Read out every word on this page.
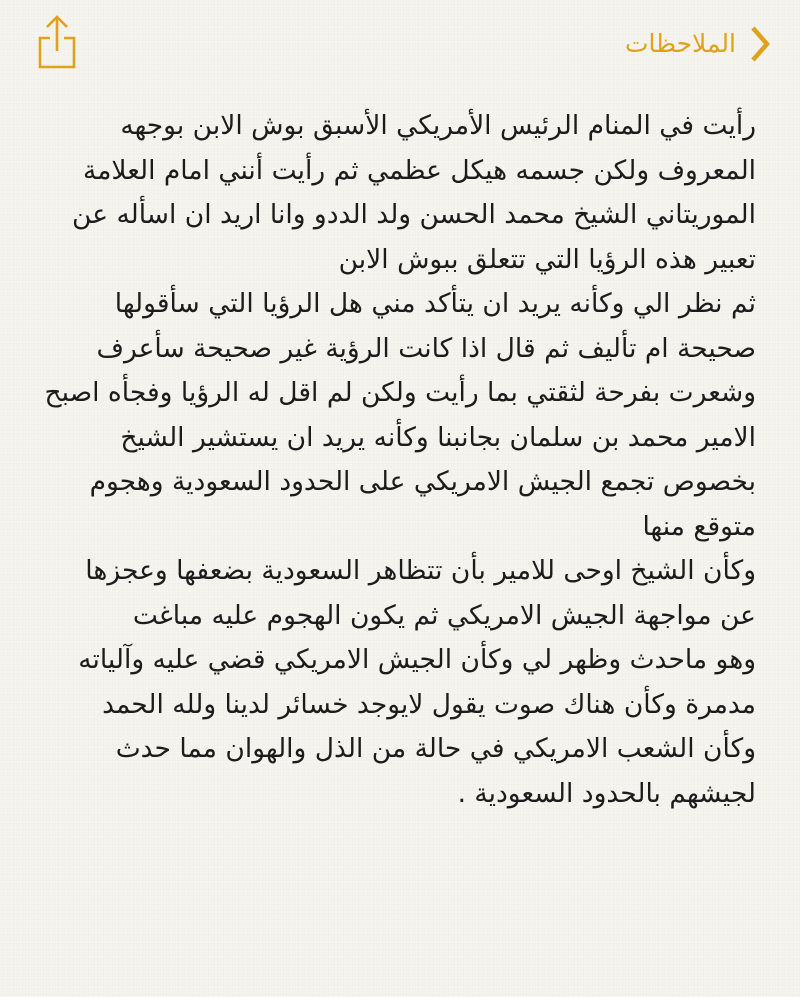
الملاحظات
رأيت في المنام الرئيس الأمريكي الأسبق بوش الابن بوجهه
المعروف ولكن جسمه هيكل عظمي ثم رأيت أنني امام العلامة
الموريتاني الشيخ محمد الحسن ولد الددو وانا اريد ان اسأله عن
تعبير هذه الرؤيا التي تتعلق ببوش الابن
ثم نظر الي وكأنه يريد ان يتأكد مني هل الرؤيا التي سأقولها
صحيحة ام تأليف ثم قال اذا كانت الرؤية غير صحيحة سأعرف
وشعرت بفرحة لثقتي بما رأيت ولكن لم اقل له الرؤيا وفجأه اصبح
الامير محمد بن سلمان بجانبنا وكأنه يريد ان يستشير الشيخ
بخصوص تجمع الجيش الامريكي على الحدود السعودية وهجوم
متوقع منها
وكأن الشيخ اوحى للامير بأن تتظاهر السعودية بضعفها وعجزها
عن مواجهة الجيش الامريكي ثم يكون الهجوم عليه مباغت
وهو ماحدث وظهر لي وكأن الجيش الامريكي قضي عليه وآلياته
مدمرة وكأن هناك صوت يقول لايوجد خسائر لدينا ولله الحمد
وكأن الشعب الامريكي في حالة من الذل والهوان مما حدث
لجيشهم بالحدود السعودية .
